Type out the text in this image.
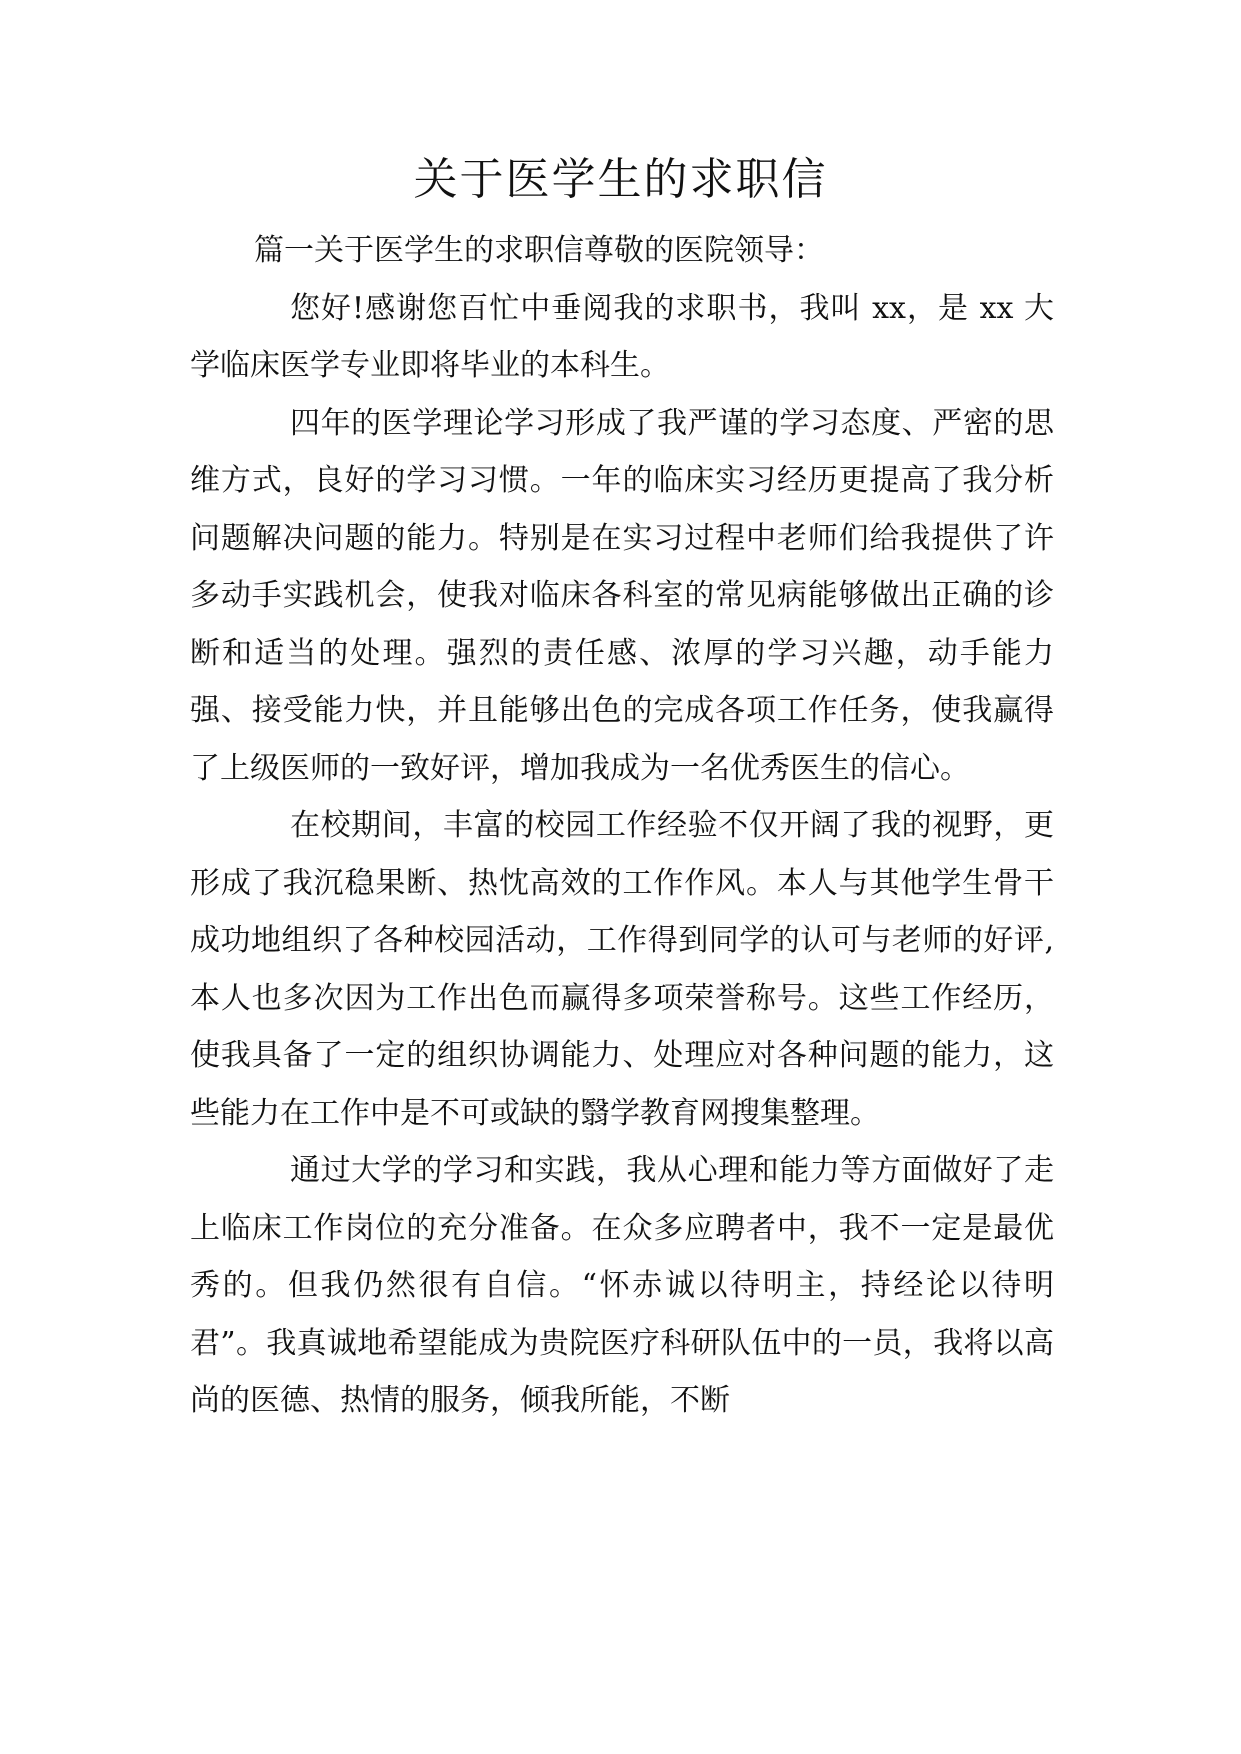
关于医学生的求职信

篇一关于医学生的求职信尊敬的医院领导：

您好!感谢您百忙中垂阅我的求职书，我叫 xx，是 xx 大学临床医学专业即将毕业的本科生。

四年的医学理论学习形成了我严谨的学习态度、严密的思维方式，良好的学习习惯。一年的临床实习经历更提高了我分析问题解决问题的能力。特别是在实习过程中老师们给我提供了许多动手实践机会，使我对临床各科室的常见病能够做出正确的诊断和适当的处理。强烈的责任感、浓厚的学习兴趣，动手能力强、接受能力快，并且能够出色的完成各项工作任务，使我赢得了上级医师的一致好评，增加我成为一名优秀医生的信心。

在校期间，丰富的校园工作经验不仅开阔了我的视野，更形成了我沉稳果断、热忱高效的工作作风。本人与其他学生骨干成功地组织了各种校园活动，工作得到同学的认可与老师的好评,本人也多次因为工作出色而赢得多项荣誉称号。这些工作经历，使我具备了一定的组织协调能力、处理应对各种问题的能力，这些能力在工作中是不可或缺的翳学教育网搜集整理。

通过大学的学习和实践，我从心理和能力等方面做好了走上临床工作岗位的充分准备。在众多应聘者中，我不一定是最优秀的。但我仍然很有自信。“怀赤诚以待明主，持经论以待明君”。我真诚地希望能成为贵院医疗科研队伍中的一员，我将以高尚的医德、热情的服务，倾我所能，不断
